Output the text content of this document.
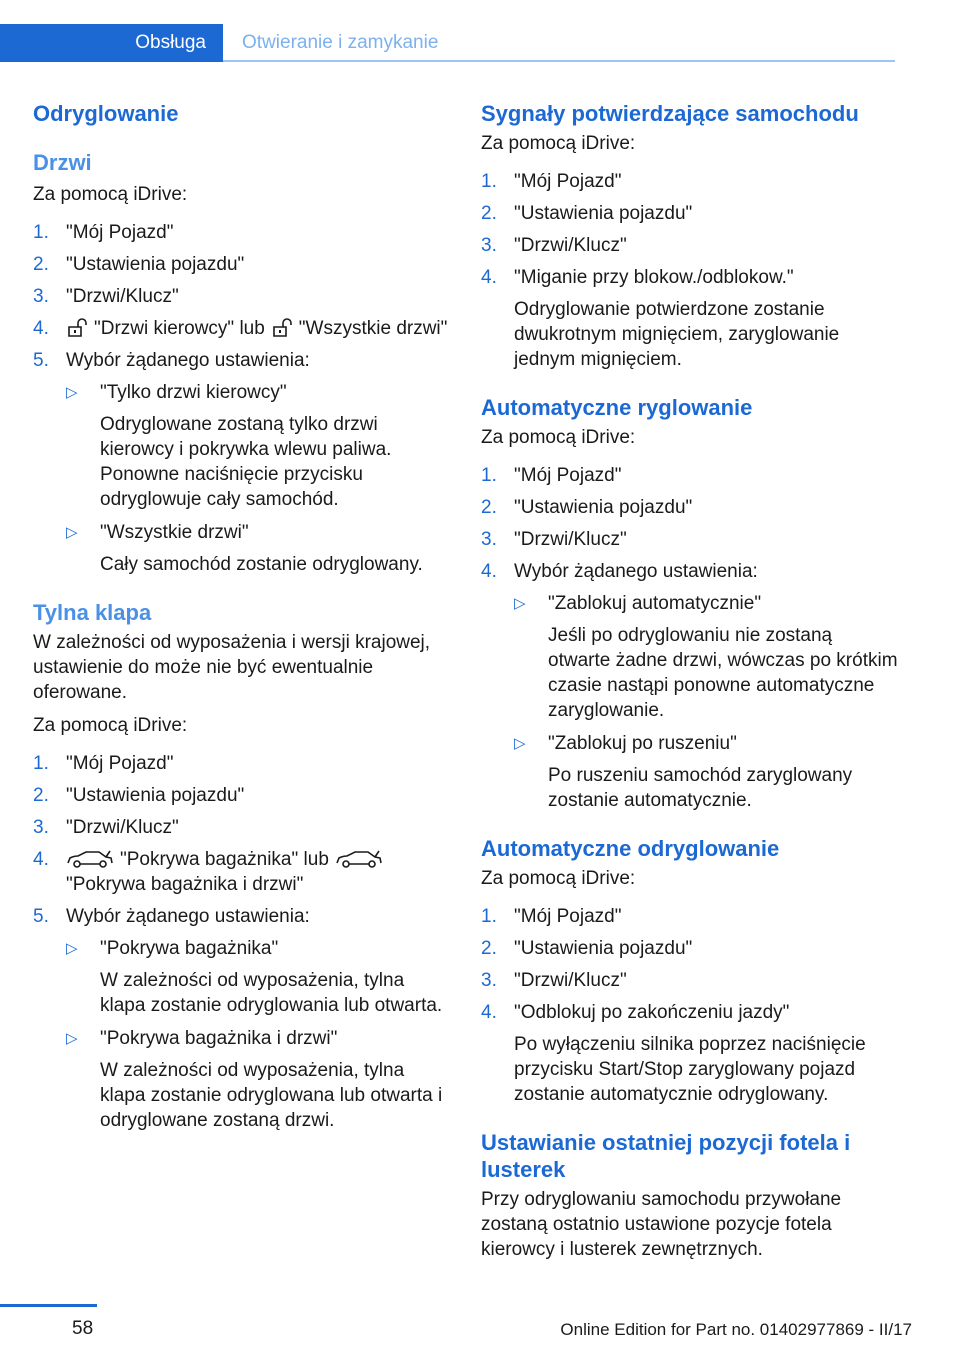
Obsługa	Otwieranie i zamykanie
Odryglowanie
Drzwi

Za pomocą iDrive:

1. "Mój Pojazd"
2. "Ustawienia pojazdu"
3. "Drzwi/Klucz"
4. "Drzwi kierowcy" lub "Wszystkie drzwi"
5. Wybór żądanego ustawienia:
▷ "Tylko drzwi kierowcy"
Odryglowane zostaną tylko drzwi kierowcy i pokrywka wlewu paliwa. Ponowne naciśnięcie przycisku odryglowuje cały samochód.
▷ "Wszystkie drzwi"
Cały samochód zostanie odryglowany.
Tylna klapa

W zależności od wyposażenia i wersji krajowej, ustawienie do może nie być ewentualnie oferowane.

Za pomocą iDrive:

1. "Mój Pojazd"
2. "Ustawienia pojazdu"
3. "Drzwi/Klucz"
4.	"Pokrywa bagażnika" lub
"Pokrywa bagażnika i drzwi"
5. Wybór żądanego ustawienia:
▷ "Pokrywa bagażnika"
W zależności od wyposażenia, tylna klapa zostanie odryglowania lub otwarta.
▷ "Pokrywa bagażnika i drzwi"
W zależności od wyposażenia, tylna klapa zostanie odryglowana lub otwarta i odryglowane zostaną drzwi.
Sygnały potwierdzające samochodu

Za pomocą iDrive:

1. "Mój Pojazd"
2. "Ustawienia pojazdu"
3. "Drzwi/Klucz"
4. "Miganie przy blokow./odblokow."
Odryglowanie potwierdzone zostanie dwukrotnym mignięciem, zaryglowanie jednym mignięciem.
Automatyczne ryglowanie

Za pomocą iDrive:

1. "Mój Pojazd"
2. "Ustawienia pojazdu"
3. "Drzwi/Klucz"
4. Wybór żądanego ustawienia:
▷ "Zablokuj automatycznie"
Jeśli po odryglowaniu nie zostaną otwarte żadne drzwi, wówczas po krótkim czasie nastąpi ponowne automatyczne zaryglowanie.
▷ "Zablokuj po ruszeniu"
Po ruszeniu samochód zaryglowany zostanie automatycznie.
Automatyczne odryglowanie

Za pomocą iDrive:

1. "Mój Pojazd"
2. "Ustawienia pojazdu"
3. "Drzwi/Klucz"
4. "Odblokuj po zakończeniu jazdy"
Po wyłączeniu silnika poprzez naciśnięcie przycisku Start/Stop zaryglowany pojazd zostanie automatycznie odryglowany.
Ustawianie ostatniej pozycji fotela i lusterek

Przy odryglowaniu samochodu przywołane zostaną ostatnio ustawione pozycje fotela kierowcy i lusterek zewnętrznych.

58	Online Edition for Part no. 01402977869 - II/17
